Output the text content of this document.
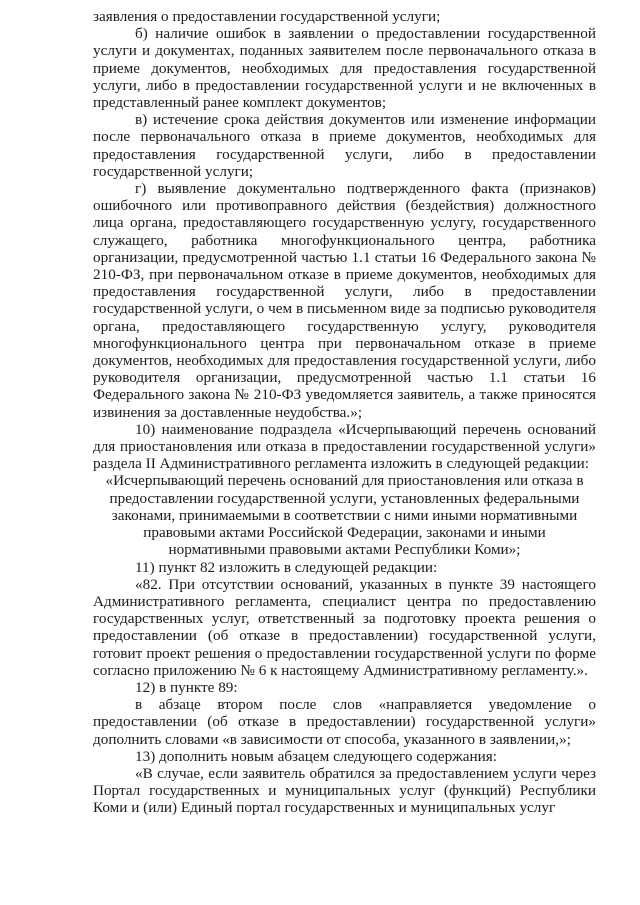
заявления о предоставлении государственной услуги;

б) наличие ошибок в заявлении о предоставлении государственной услуги и документах, поданных заявителем после первоначального отказа в приеме документов, необходимых для предоставления государственной услуги, либо в предоставлении государственной услуги и не включенных в представленный ранее комплект документов;

в) истечение срока действия документов или изменение информации после первоначального отказа в приеме документов, необходимых для предоставления государственной услуги, либо в предоставлении государственной услуги;

г) выявление документально подтвержденного факта (признаков) ошибочного или противоправного действия (бездействия) должностного лица органа, предоставляющего государственную услугу, государственного служащего, работника многофункционального центра, работника организации, предусмотренной частью 1.1 статьи 16 Федерального закона № 210-ФЗ, при первоначальном отказе в приеме документов, необходимых для предоставления государственной услуги, либо в предоставлении государственной услуги, о чем в письменном виде за подписью руководителя органа, предоставляющего государственную услугу, руководителя многофункционального центра при первоначальном отказе в приеме документов, необходимых для предоставления государственной услуги, либо руководителя организации, предусмотренной частью 1.1 статьи 16 Федерального закона № 210-ФЗ уведомляется заявитель, а также приносятся извинения за доставленные неудобства.»;

10) наименование подраздела «Исчерпывающий перечень оснований для приостановления или отказа в предоставлении государственной услуги» раздела II Административного регламента изложить в следующей редакции:

«Исчерпывающий перечень оснований для приостановления или отказа в предоставлении государственной услуги, установленных федеральными законами, принимаемыми в соответствии с ними иными нормативными правовыми актами Российской Федерации, законами и иными нормативными правовыми актами Республики Коми»;

11) пункт 82 изложить в следующей редакции:

«82. При отсутствии оснований, указанных в пункте 39 настоящего Административного регламента, специалист центра по предоставлению государственных услуг, ответственный за подготовку проекта решения о предоставлении (об отказе в предоставлении) государственной услуги, готовит проект решения о предоставлении государственной услуги по форме согласно приложению № 6 к настоящему Административному регламенту.».

12) в пункте 89:

в абзаце втором после слов «направляется уведомление о предоставлении (об отказе в предоставлении) государственной услуги» дополнить словами «в зависимости от способа, указанного в заявлении,»;

13) дополнить новым абзацем следующего содержания:

«В случае, если заявитель обратился за предоставлением услуги через Портал государственных и муниципальных услуг (функций) Республики Коми и (или) Единый портал государственных и муниципальных услуг
